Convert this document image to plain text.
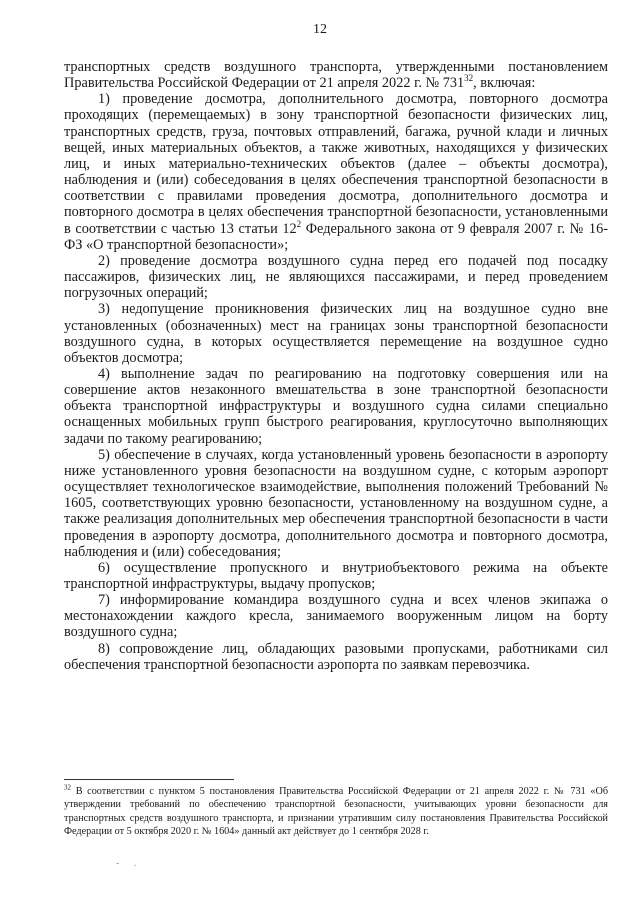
12

транспортных средств воздушного транспорта, утвержденными постановлением Правительства Российской Федерации от 21 апреля 2022 г. № $731^{32}$, включая:

1) проведение досмотра, дополнительного досмотра, повторного досмотра проходящих (перемещаемых) в зону транспортной безопасности физических лиц, транспортных средств, груза, почтовых отправлений, багажа, ручной клади и личных вещей, иных материальных объектов, а также животных, находящихся у физических лиц, и иных материально-технических объектов (далее – объекты досмотра), наблюдения и (или) собеседования в целях обеспечения транспортной безопасности в соответствии с правилами проведения досмотра, дополнительного досмотра и повторного досмотра в целях обеспечения транспортной безопасности, установленными в соответствии с частью 13 статьи $12^2$ Федерального закона от 9 февраля 2007 г. № 16-ФЗ «О транспортной безопасности»;

2) проведение досмотра воздушного судна перед его подачей под посадку пассажиров, физических лиц, не являющихся пассажирами, и перед проведением погрузочных операций;

3) недопущение проникновения физических лиц на воздушное судно вне установленных (обозначенных) мест на границах зоны транспортной безопасности воздушного судна, в которых осуществляется перемещение на воздушное судно объектов досмотра;

4) выполнение задач по реагированию на подготовку совершения или на совершение актов незаконного вмешательства в зоне транспортной безопасности объекта транспортной инфраструктуры и воздушного судна силами специально оснащенных мобильных групп быстрого реагирования, круглосуточно выполняющих задачи по такому реагированию;

5) обеспечение в случаях, когда установленный уровень безопасности в аэропорту ниже установленного уровня безопасности на воздушном судне, с которым аэропорт осуществляет технологическое взаимодействие, выполнения положений Требований № 1605, соответствующих уровню безопасности, установленному на воздушном судне, а также реализация дополнительных мер обеспечения транспортной безопасности в части проведения в аэропорту досмотра, дополнительного досмотра и повторного досмотра, наблюдения и (или) собеседования;

6) осуществление пропускного и внутриобъектового режима на объекте транспортной инфраструктуры, выдачу пропусков;

7) информирование командира воздушного судна и всех членов экипажа о местонахождении каждого кресла, занимаемого вооруженным лицом на борту воздушного судна;

8) сопровождение лиц, обладающих разовыми пропусками, работниками сил обеспечения транспортной безопасности аэропорта по заявкам перевозчика.

$^{32}$ В соответствии с пунктом 5 постановления Правительства Российской Федерации от 21 апреля 2022 г. № 731 «Об утверждении требований по обеспечению транспортной безопасности, учитывающих уровни безопасности для транспортных средств воздушного транспорта, и признании утратившим силу постановления Правительства Российской Федерации от 5 октября 2020 г. № 1604» данный акт действует до 1 сентября 2028 г.
- .
